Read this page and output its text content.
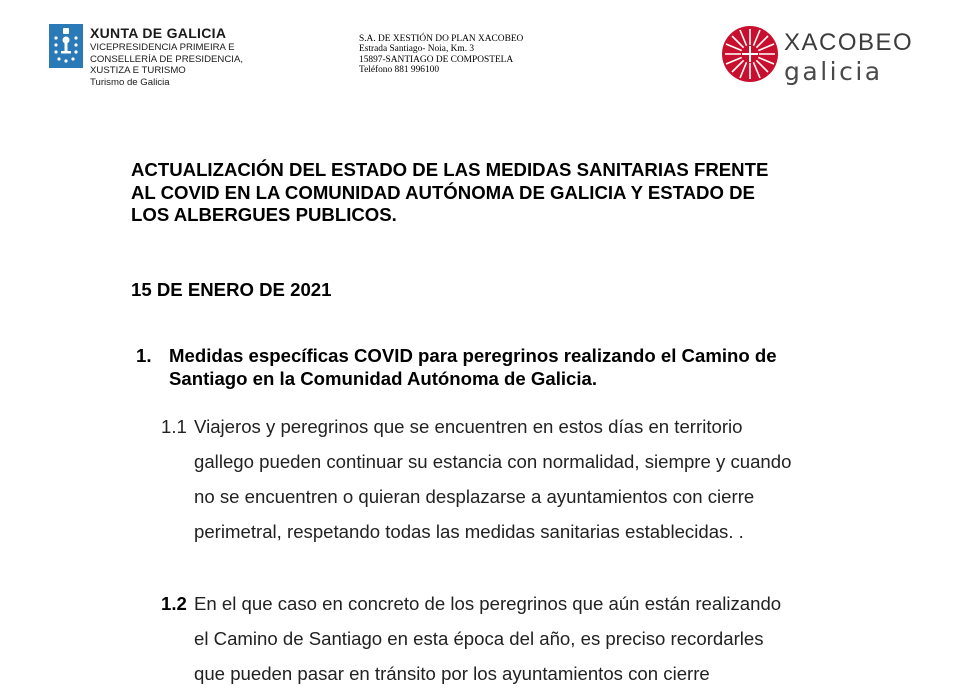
XUNTA DE GALICIA
VICEPRESIDENCIA PRIMEIRA E
CONSELLERÍA DE PRESIDENCIA,
XUSTIZA E TURISMO
Turismo de Galicia
S.A. DE XESTIÓN DO PLAN XACOBEO
Estrada Santiago- Noia, Km. 3
15897-SANTIAGO DE COMPOSTELA
Teléfono 881 996100
XACOBEO
galicia
ACTUALIZACIÓN DEL ESTADO DE LAS MEDIDAS SANITARIAS FRENTE
AL COVID EN LA COMUNIDAD AUTÓNOMA DE GALICIA Y ESTADO DE
LOS ALBERGUES PUBLICOS.
15 DE ENERO DE 2021
1. Medidas específicas COVID para peregrinos realizando el Camino de
Santiago en la Comunidad Autónoma de Galicia.
1.1 Viajeros y peregrinos que se encuentren en estos días en territorio
gallego pueden continuar su estancia con normalidad, siempre y cuando
no se encuentren o quieran desplazarse a ayuntamientos con cierre
perimetral, respetando todas las medidas sanitarias establecidas. .
1.2 En el que caso en concreto de los peregrinos que aún están realizando
el Camino de Santiago en esta época del año, es preciso recordarles
que pueden pasar en tránsito por los ayuntamientos con cierre
